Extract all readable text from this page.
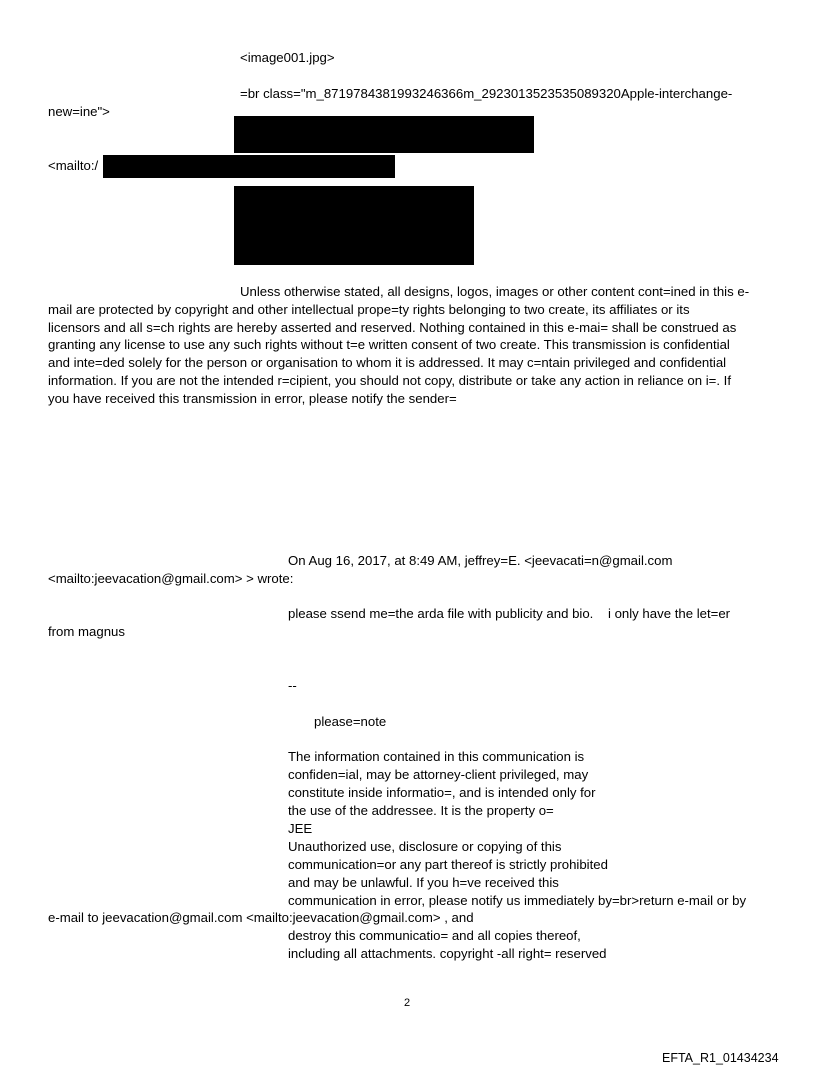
<image001.jpg>
=br class="m_8719784381993246366m_2923013523535089320Apple-interchange-
new=ine">
<mailto:/
Unless otherwise stated, all designs, logos, images or other content cont=ined in this e-
mail are protected by copyright and other intellectual prope=ty rights belonging to two create, its affiliates or its
licensors and all s=ch rights are hereby asserted and reserved. Nothing contained in this e-mai= shall be construed as
granting any license to use any such rights without t=e written consent of two create. This transmission is confidential
and inte=ded solely for the person or organisation to whom it is addressed. It may c=ntain privileged and confidential
information. If you are not the intended r=cipient, you should not copy, distribute or take any action in reliance on i=. If
you have received this transmission in error, please notify the sender=
On Aug 16, 2017, at 8:49 AM, jeffrey=E. <jeevacati=n@gmail.com
<mailto:jeevacation@gmail.com> > wrote:
please ssend me=the arda file with publicity and bio.    i only have the let=er
from magnus
--
please=note
The information contained in this communication is
confiden=ial, may be attorney-client privileged, may
constitute inside informatio=, and is intended only for
the use of the addressee. It is the property o=
JEE
Unauthorized use, disclosure or copying of this
communication=or any part thereof is strictly prohibited
and may be unlawful. If you h=ve received this
communication in error, please notify us immediately by=br>return e-mail or by
e-mail to jeevacation@gmail.com <mailto:jeevacation@gmail.com> , and
destroy this communicatio= and all copies thereof,
including all attachments. copyright -all right= reserved
2
EFTA_R1_01434234
